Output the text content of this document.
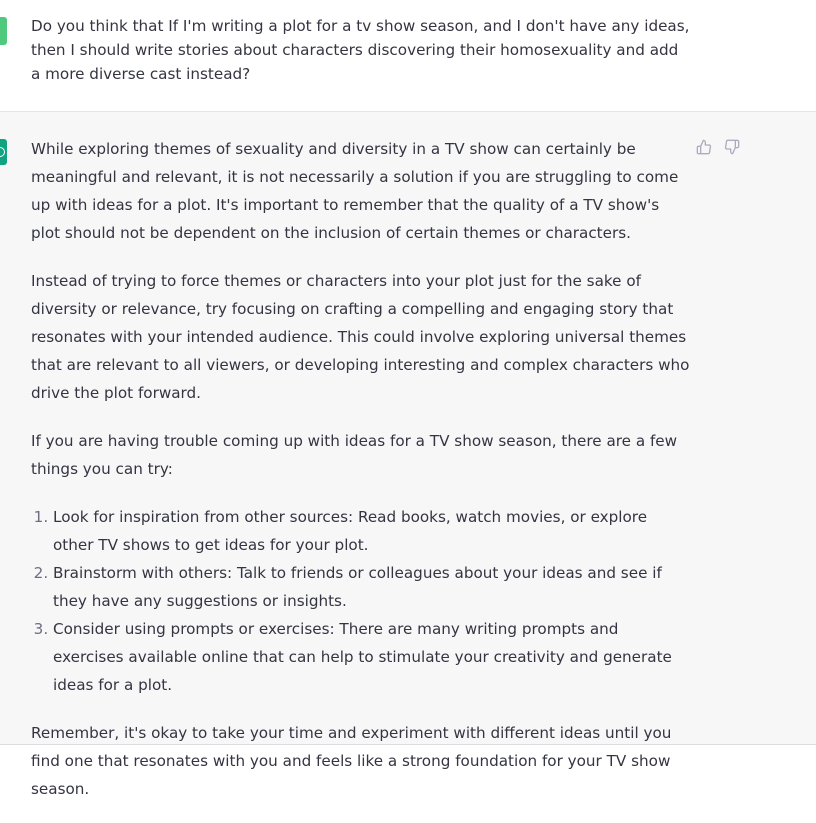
Do you think that If I'm writing a plot for a tv show season, and I don't have any ideas, then I should write stories about characters discovering their homosexuality and add a more diverse cast instead?

While exploring themes of sexuality and diversity in a TV show can certainly be meaningful and relevant, it is not necessarily a solution if you are struggling to come up with ideas for a plot. It's important to remember that the quality of a TV show's plot should not be dependent on the inclusion of certain themes or characters.

Instead of trying to force themes or characters into your plot just for the sake of diversity or relevance, try focusing on crafting a compelling and engaging story that resonates with your intended audience. This could involve exploring universal themes that are relevant to all viewers, or developing interesting and complex characters who drive the plot forward.

If you are having trouble coming up with ideas for a TV show season, there are a few things you can try:

1. Look for inspiration from other sources: Read books, watch movies, or explore other TV shows to get ideas for your plot.
2. Brainstorm with others: Talk to friends or colleagues about your ideas and see if they have any suggestions or insights.
3. Consider using prompts or exercises: There are many writing prompts and exercises available online that can help to stimulate your creativity and generate ideas for a plot.

Remember, it's okay to take your time and experiment with different ideas until you find one that resonates with you and feels like a strong foundation for your TV show season.
